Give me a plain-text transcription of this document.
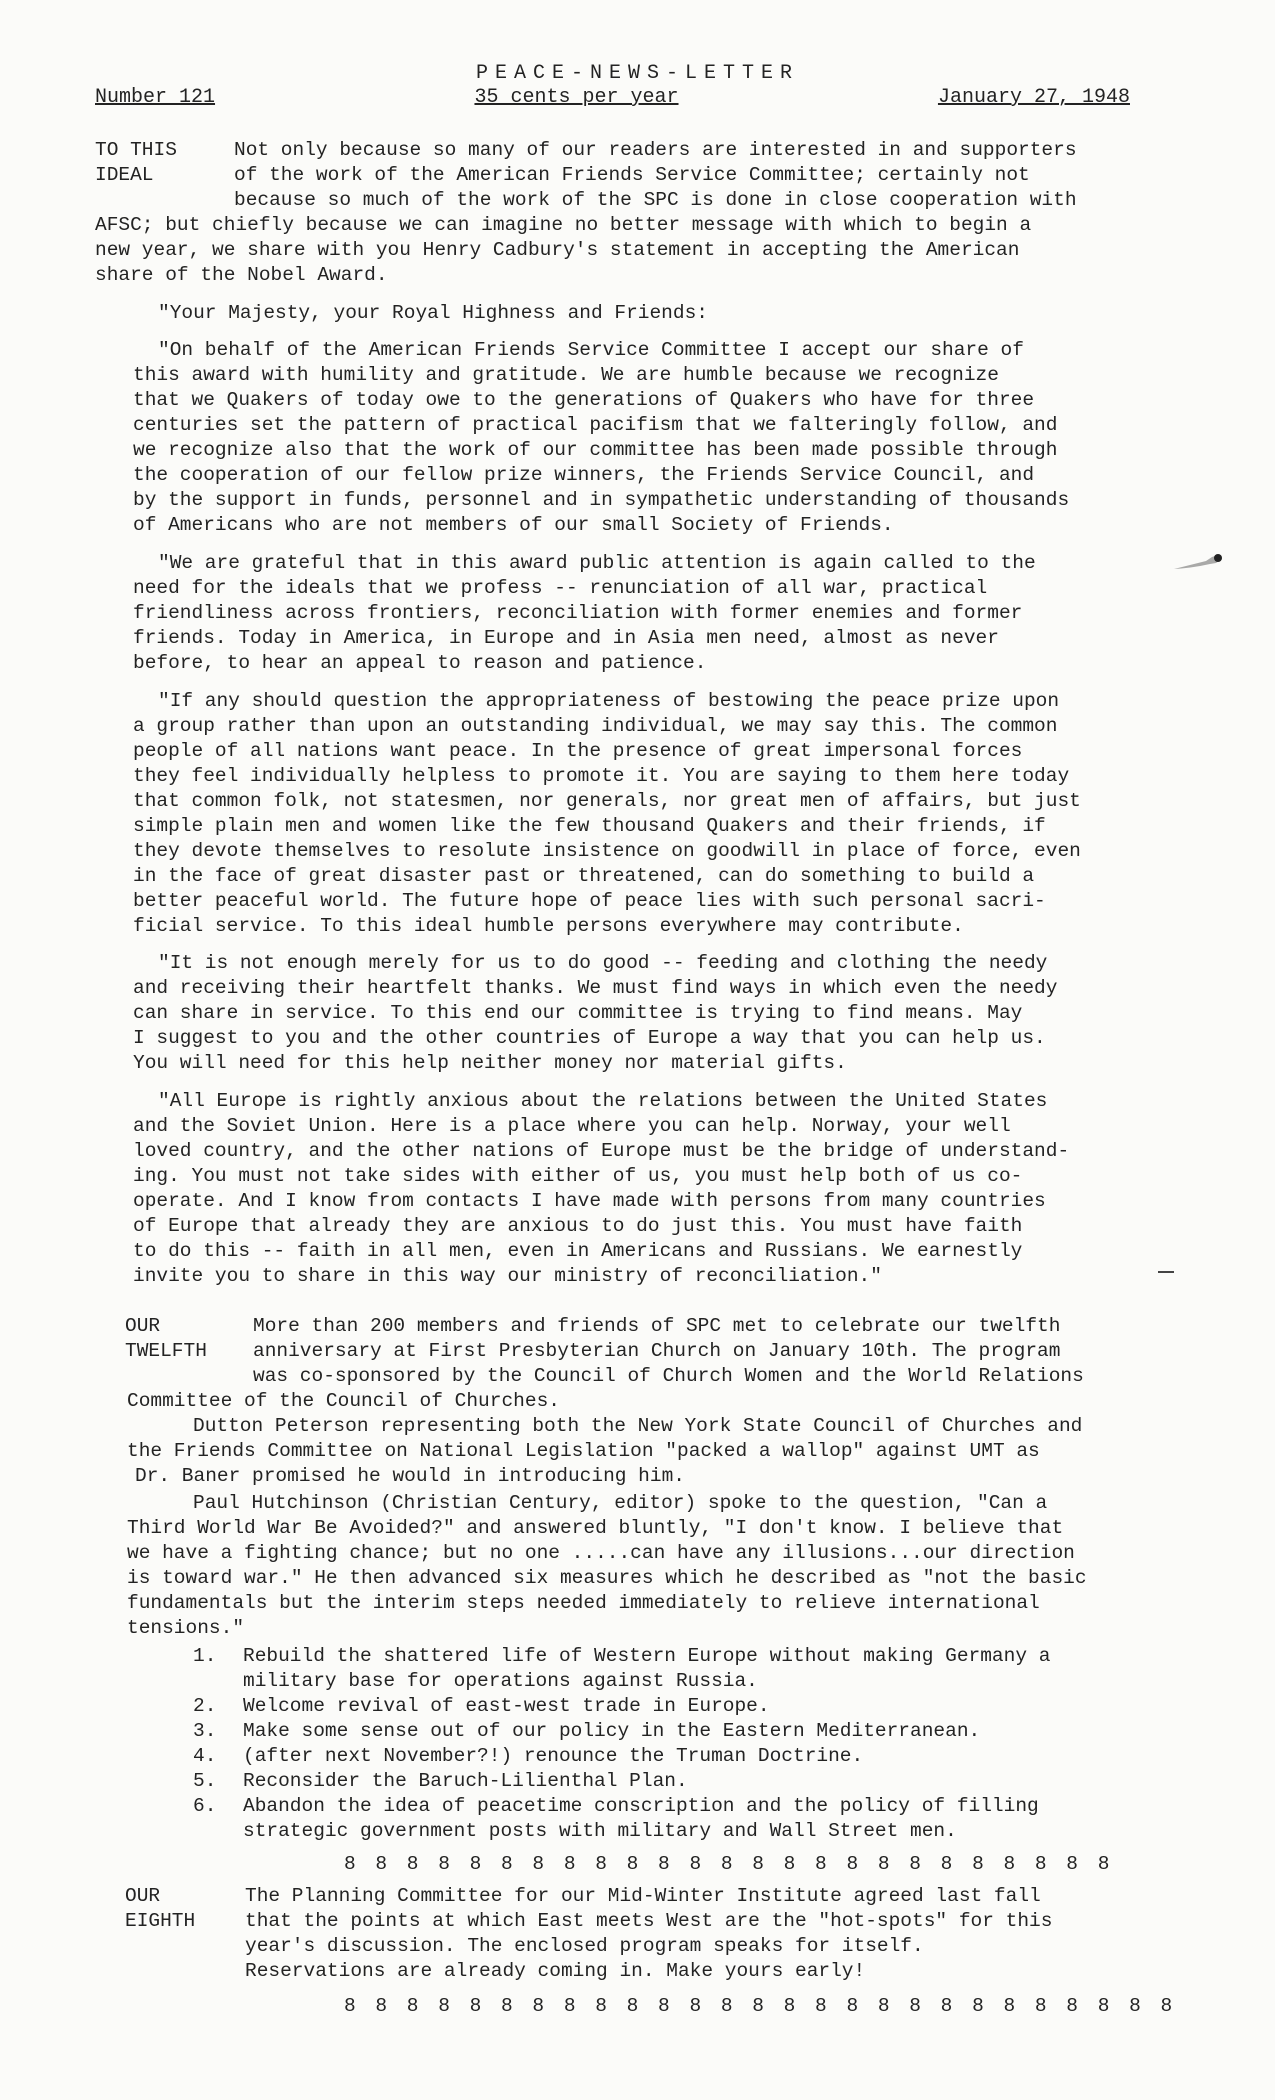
PEACE-NEWS-LETTER
Number 121	35 cents per year	January 27, 1948
TO THIS
IDEAL
Not only because so many of our readers are interested in and supporters
of the work of the American Friends Service Committee; certainly not
because so much of the work of the SPC is done in close cooperation with
AFSC; but chiefly because we can imagine no better message with which to begin a
new year, we share with you Henry Cadbury's statement in accepting the American
share of the Nobel Award.
"Your Majesty, your Royal Highness and Friends:
"On behalf of the American Friends Service Committee I accept our share of
this award with humility and gratitude. We are humble because we recognize
that we Quakers of today owe to the generations of Quakers who have for three
centuries set the pattern of practical pacifism that we falteringly follow, and
we recognize also that the work of our committee has been made possible through
the cooperation of our fellow prize winners, the Friends Service Council, and
by the support in funds, personnel and in sympathetic understanding of thousands
of Americans who are not members of our small Society of Friends.
"We are grateful that in this award public attention is again called to the
need for the ideals that we profess -- renunciation of all war, practical
friendliness across frontiers, reconciliation with former enemies and former
friends. Today in America, in Europe and in Asia men need, almost as never
before, to hear an appeal to reason and patience.
"If any should question the appropriateness of bestowing the peace prize upon
a group rather than upon an outstanding individual, we may say this. The common
people of all nations want peace. In the presence of great impersonal forces
they feel individually helpless to promote it. You are saying to them here today
that common folk, not statesmen, nor generals, nor great men of affairs, but just
simple plain men and women like the few thousand Quakers and their friends, if
they devote themselves to resolute insistence on goodwill in place of force, even
in the face of great disaster past or threatened, can do something to build a
better peaceful world. The future hope of peace lies with such personal sacri-
ficial service. To this ideal humble persons everywhere may contribute.
"It is not enough merely for us to do good -- feeding and clothing the needy
and receiving their heartfelt thanks. We must find ways in which even the needy
can share in service. To this end our committee is trying to find means. May
I suggest to you and the other countries of Europe a way that you can help us.
You will need for this help neither money nor material gifts.
"All Europe is rightly anxious about the relations between the United States
and the Soviet Union. Here is a place where you can help. Norway, your well
loved country, and the other nations of Europe must be the bridge of understand-
ing. You must not take sides with either of us, you must help both of us co-
operate. And I know from contacts I have made with persons from many countries
of Europe that already they are anxious to do just this. You must have faith
to do this -- faith in all men, even in Americans and Russians. We earnestly
invite you to share in this way our ministry of reconciliation."
OUR
TWELFTH
More than 200 members and friends of SPC met to celebrate our twelfth
anniversary at First Presbyterian Church on January 10th. The program
was co-sponsored by the Council of Church Women and the World Relations
Committee of the Council of Churches.
Dutton Peterson representing both the New York State Council of Churches and
the Friends Committee on National Legislation "packed a wallop" against UMT as
Dr. Baner promised he would in introducing him.
Paul Hutchinson (Christian Century, editor) spoke to the question, "Can a
Third World War Be Avoided?" and answered bluntly, "I don't know. I believe that
we have a fighting chance; but no one .....can have any illusions...our direction
is toward war." He then advanced six measures which he described as "not the basic
fundamentals but the interim steps needed immediately to relieve international
tensions."
1. Rebuild the shattered life of Western Europe without making Germany a
military base for operations against Russia.
2. Welcome revival of east-west trade in Europe.
3. Make some sense out of our policy in the Eastern Mediterranean.
4. (after next November?!) renounce the Truman Doctrine.
5. Reconsider the Baruch-Lilienthal Plan.
6. Abandon the idea of peacetime conscription and the policy of filling
strategic government posts with military and Wall Street men.
8 8 8 8 8 8 8 8 8 8 8 8 8 8 8 8 8 8 8 8 8 8 8 8 8
OUR
EIGHTH
The Planning Committee for our Mid-Winter Institute agreed last fall
that the points at which East meets West are the "hot-spots" for this
year's discussion. The enclosed program speaks for itself.
Reservations are already coming in. Make yours early!
8 8 8 8 8 8 8 8 8 8 8 8 8 8 8 8 8 8 8 8 8 8 8 8 8 8 8
